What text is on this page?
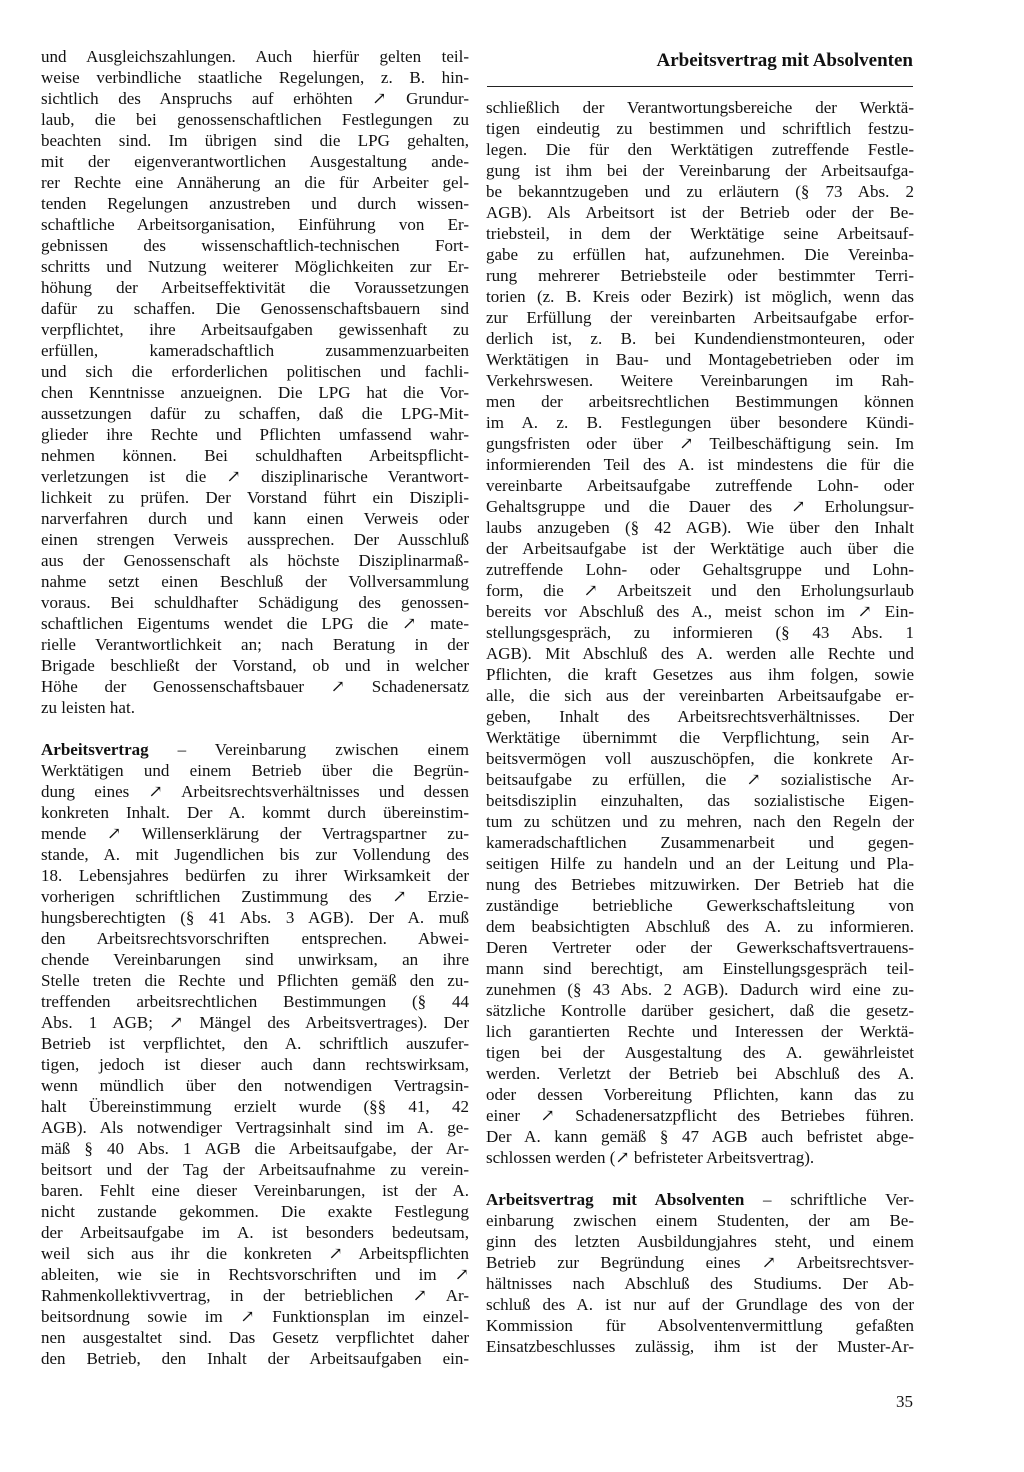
Arbeitsvertrag mit Absolventen
und Ausgleichszahlungen. Auch hierfür gelten teil-
weise verbindliche staatliche Regelungen, z. B. hin-
sichtlich des Anspruchs auf erhöhten ↗ Grundur-
laub, die bei genossenschaftlichen Festlegungen zu
beachten sind. Im übrigen sind die LPG gehalten,
mit der eigenverantwortlichen Ausgestaltung ande-
rer Rechte eine Annäherung an die für Arbeiter gel-
tenden Regelungen anzustreben und durch wissen-
schaftliche Arbeitsorganisation, Einführung von Er-
gebnissen des wissenschaftlich-technischen Fort-
schritts und Nutzung weiterer Möglichkeiten zur Er-
höhung der Arbeitseffektivität die Voraussetzungen
dafür zu schaffen. Die Genossenschaftsbauern sind
verpflichtet, ihre Arbeitsaufgaben gewissenhaft zu
erfüllen, kameradschaftlich zusammenzuarbeiten
und sich die erforderlichen politischen und fachli-
chen Kenntnisse anzueignen. Die LPG hat die Vor-
aussetzungen dafür zu schaffen, daß die LPG-Mit-
glieder ihre Rechte und Pflichten umfassend wahr-
nehmen können. Bei schuldhaften Arbeitspflicht-
verletzungen ist die ↗ disziplinarische Verantwort-
lichkeit zu prüfen. Der Vorstand führt ein Diszipli-
narverfahren durch und kann einen Verweis oder
einen strengen Verweis aussprechen. Der Ausschluß
aus der Genossenschaft als höchste Disziplinarmaß-
nahme setzt einen Beschluß der Vollversammlung
voraus. Bei schuldhafter Schädigung des genossen-
schaftlichen Eigentums wendet die LPG die ↗ mate-
rielle Verantwortlichkeit an; nach Beratung in der
Brigade beschließt der Vorstand, ob und in welcher
Höhe der Genossenschaftsbauer ↗ Schadenersatz
zu leisten hat.
Arbeitsvertrag – Vereinbarung zwischen einem
Werktätigen und einem Betrieb über die Begrün-
dung eines ↗ Arbeitsrechtsverhältnisses und dessen
konkreten Inhalt. Der A. kommt durch übereinstim-
mende ↗ Willenserklärung der Vertragspartner zu-
stande, A. mit Jugendlichen bis zur Vollendung des
18. Lebensjahres bedürfen zu ihrer Wirksamkeit der
vorherigen schriftlichen Zustimmung des ↗ Erzie-
hungsberechtigten (§ 41 Abs. 3 AGB). Der A. muß
den Arbeitsrechtsvorschriften entsprechen. Abwei-
chende Vereinbarungen sind unwirksam, an ihre
Stelle treten die Rechte und Pflichten gemäß den zu-
treffenden arbeitsrechtlichen Bestimmungen (§ 44
Abs. 1 AGB; ↗ Mängel des Arbeitsvertrages). Der
Betrieb ist verpflichtet, den A. schriftlich auszufer-
tigen, jedoch ist dieser auch dann rechtswirksam,
wenn mündlich über den notwendigen Vertragsin-
halt Übereinstimmung erzielt wurde (§§ 41, 42
AGB). Als notwendiger Vertragsinhalt sind im A. ge-
mäß § 40 Abs. 1 AGB die Arbeitsaufgabe, der Ar-
beitsort und der Tag der Arbeitsaufnahme zu verein-
baren. Fehlt eine dieser Vereinbarungen, ist der A.
nicht zustande gekommen. Die exakte Festlegung
der Arbeitsaufgabe im A. ist besonders bedeutsam,
weil sich aus ihr die konkreten ↗ Arbeitspflichten
ableiten, wie sie in Rechtsvorschriften und im ↗
Rahmenkollektivvertrag, in der betrieblichen ↗ Ar-
beitsordnung sowie im ↗ Funktionsplan im einzel-
nen ausgestaltet sind. Das Gesetz verpflichtet daher
den Betrieb, den Inhalt der Arbeitsaufgaben ein-
schließlich der Verantwortungsbereiche der Werktä-
tigen eindeutig zu bestimmen und schriftlich festzu-
legen. Die für den Werktätigen zutreffende Festle-
gung ist ihm bei der Vereinbarung der Arbeitsaufga-
be bekanntzugeben und zu erläutern (§ 73 Abs. 2
AGB). Als Arbeitsort ist der Betrieb oder der Be-
triebsteil, in dem der Werktätige seine Arbeitsauf-
gabe zu erfüllen hat, aufzunehmen. Die Vereinba-
rung mehrerer Betriebsteile oder bestimmter Terri-
torien (z. B. Kreis oder Bezirk) ist möglich, wenn das
zur Erfüllung der vereinbarten Arbeitsaufgabe erfor-
derlich ist, z. B. bei Kundendienstmonteuren, oder
Werktätigen in Bau- und Montagebetrieben oder im
Verkehrswesen. Weitere Vereinbarungen im Rah-
men der arbeitsrechtlichen Bestimmungen können
im A. z. B. Festlegungen über besondere Kündi-
gungsfristen oder über ↗ Teilbeschäftigung sein. Im
informierenden Teil des A. ist mindestens die für die
vereinbarte Arbeitsaufgabe zutreffende Lohn- oder
Gehaltsgruppe und die Dauer des ↗ Erholungsur-
laubs anzugeben (§ 42 AGB). Wie über den Inhalt
der Arbeitsaufgabe ist der Werktätige auch über die
zutreffende Lohn- oder Gehaltsgruppe und Lohn-
form, die ↗ Arbeitszeit und den Erholungsurlaub
bereits vor Abschluß des A., meist schon im ↗ Ein-
stellungsgespräch, zu informieren (§ 43 Abs. 1
AGB). Mit Abschluß des A. werden alle Rechte und
Pflichten, die kraft Gesetzes aus ihm folgen, sowie
alle, die sich aus der vereinbarten Arbeitsaufgabe er-
geben, Inhalt des Arbeitsrechtsverhältnisses. Der
Werktätige übernimmt die Verpflichtung, sein Ar-
beitsvermögen voll auszuschöpfen, die konkrete Ar-
beitsaufgabe zu erfüllen, die ↗ sozialistische Ar-
beitsdisziplin einzuhalten, das sozialistische Eigen-
tum zu schützen und zu mehren, nach den Regeln der
kameradschaftlichen Zusammenarbeit und gegen-
seitigen Hilfe zu handeln und an der Leitung und Pla-
nung des Betriebes mitzuwirken. Der Betrieb hat die
zuständige betriebliche Gewerkschaftsleitung von
dem beabsichtigten Abschluß des A. zu informieren.
Deren Vertreter oder der Gewerkschaftsvertrauens-
mann sind berechtigt, am Einstellungsgespräch teil-
zunehmen (§ 43 Abs. 2 AGB). Dadurch wird eine zu-
sätzliche Kontrolle darüber gesichert, daß die gesetz-
lich garantierten Rechte und Interessen der Werktä-
tigen bei der Ausgestaltung des A. gewährleistet
werden. Verletzt der Betrieb bei Abschluß des A.
oder dessen Vorbereitung Pflichten, kann das zu
einer ↗ Schadenersatzpflicht des Betriebes führen.
Der A. kann gemäß § 47 AGB auch befristet abge-
schlossen werden (↗ befristeter Arbeitsvertrag).
Arbeitsvertrag mit Absolventen – schriftliche Ver-
einbarung zwischen einem Studenten, der am Be-
ginn des letzten Ausbildungjahres steht, und einem
Betrieb zur Begründung eines ↗ Arbeitsrechtsver-
hältnisses nach Abschluß des Studiums. Der Ab-
schluß des A. ist nur auf der Grundlage des von der
Kommission für Absolventenvermittlung gefaßten
Einsatzbeschlusses zulässig, ihm ist der Muster-Ar-
35
